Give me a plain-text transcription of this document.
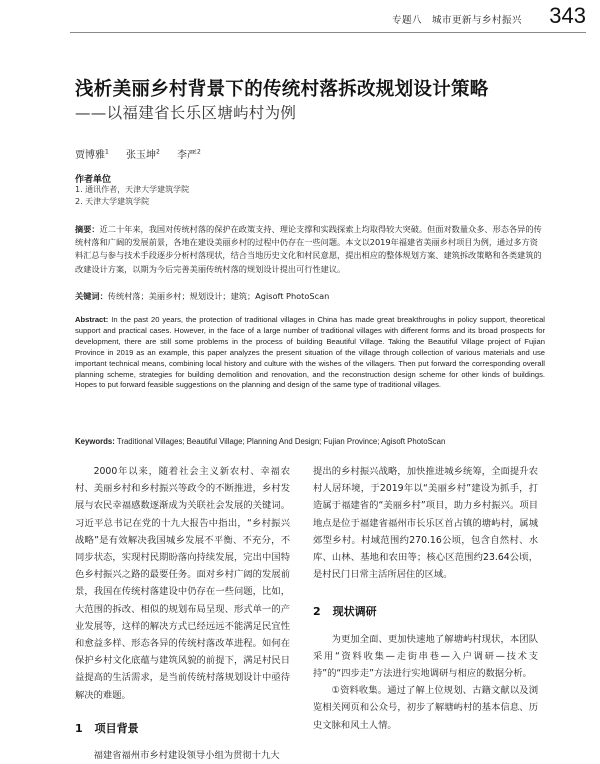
专题八　城市更新与乡村振兴 343
浅析美丽乡村背景下的传统村落拆改规划设计策略
——以福建省长乐区塘屿村为例
贾博雅$^1$ 张玉坤$^2$ 李严$^2$
作者单位
1. 通讯作者，天津大学建筑学院
2. 天津大学建筑学院
摘要：近二十年来，我国对传统村落的保护在政策支持、理论支撑和实践探索上均取得较大突破。但面对数量众多、形态各异的传统村落和广阔的发展前景，各地在建设美丽乡村的过程中仍存在一些问题。本文以2019年福建省美丽乡村项目为例，通过多方资料汇总与参与技术手段逐步分析村落现状，结合当地历史文化和村民意愿，提出相应的整体规划方案、建筑拆改策略和各类建筑的改建设计方案，以期为今后完善美丽传统村落的规划设计提出可行性建议。
关键词：传统村落；美丽乡村；规划设计；建筑；Agisoft PhotoScan
Abstract: In the past 20 years, the protection of traditional villages in China has made great breakthroughs in policy support, theoretical support and practical cases. However, in the face of a large number of traditional villages with different forms and its broad prospects for development, there are still some problems in the process of building Beautiful Village. Taking the Beautiful Village project of Fujian Province in 2019 as an example, this paper analyzes the present situation of the village through collection of various materials and use important technical means, combining local history and culture with the wishes of the villagers. Then put forward the corresponding overall planning scheme, strategies for building demolition and renovation, and the reconstruction design scheme for other kinds of buildings. Hopes to put forward feasible suggestions on the planning and design of the same type of traditional villages.
Keywords: Traditional Villages; Beautiful Village; Planning And Design; Fujian Province; Agisoft PhotoScan
2000年以来，随着社会主义新农村、幸福农村、美丽乡村和乡村振兴等政令的不断推进，乡村发展与农民幸福感数逐渐成为关联社会发展的关键词。习近平总书记在党的十九大报告中指出，“乡村振兴战略”是有效解决我国城乡发展不平衡、不充分，不同步状态，实现村民期盼落向持续发展，完出中国特色乡村振兴之路的最要任务。面对乡村广阔的发展前景，我国在传统村落建设中仍存在一些问题，比如，大范围的拆改、相似的规划布局呈现、形式单一的产业发展等，这样的解决方式已经远远不能满足民宜性和愈益多样、形态各异的传统村落改革进程。如何在保护乡村文化底蕴与建筑风貌的前提下，满足村民日益提高的生活需求，是当前传统村落规划设计中亟待解决的难题。
1 项目背景
福建省福州市乡村建设领导小组为贯彻十九大
提出的乡村振兴战略，加快推进城乡统筹，全面提升农村人居环境，于2019年以“美丽乡村”建设为抓手，打造属于福建省的“美丽乡村”项目，助力乡村振兴。项目地点是位于福建省福州市长乐区首占镇的塘屿村，属城郊型乡村。村域范围约270.16公顷，包含自然村、水库、山林、基地和农田等；核心区范围约23.64公顷，是村民门日常主活所居住的区域。
2 现状调研
为更加全面、更加快速地了解塘屿村现状，本团队采用“资料收集—走街串巷—入户调研—技术支持”的“四步走”方法进行实地调研与相应的数据分析。
①资料收集。通过了解上位规划、古籍文献以及浏览相关网页和公众号，初步了解塘屿村的基本信息、历史文脉和风土人情。
